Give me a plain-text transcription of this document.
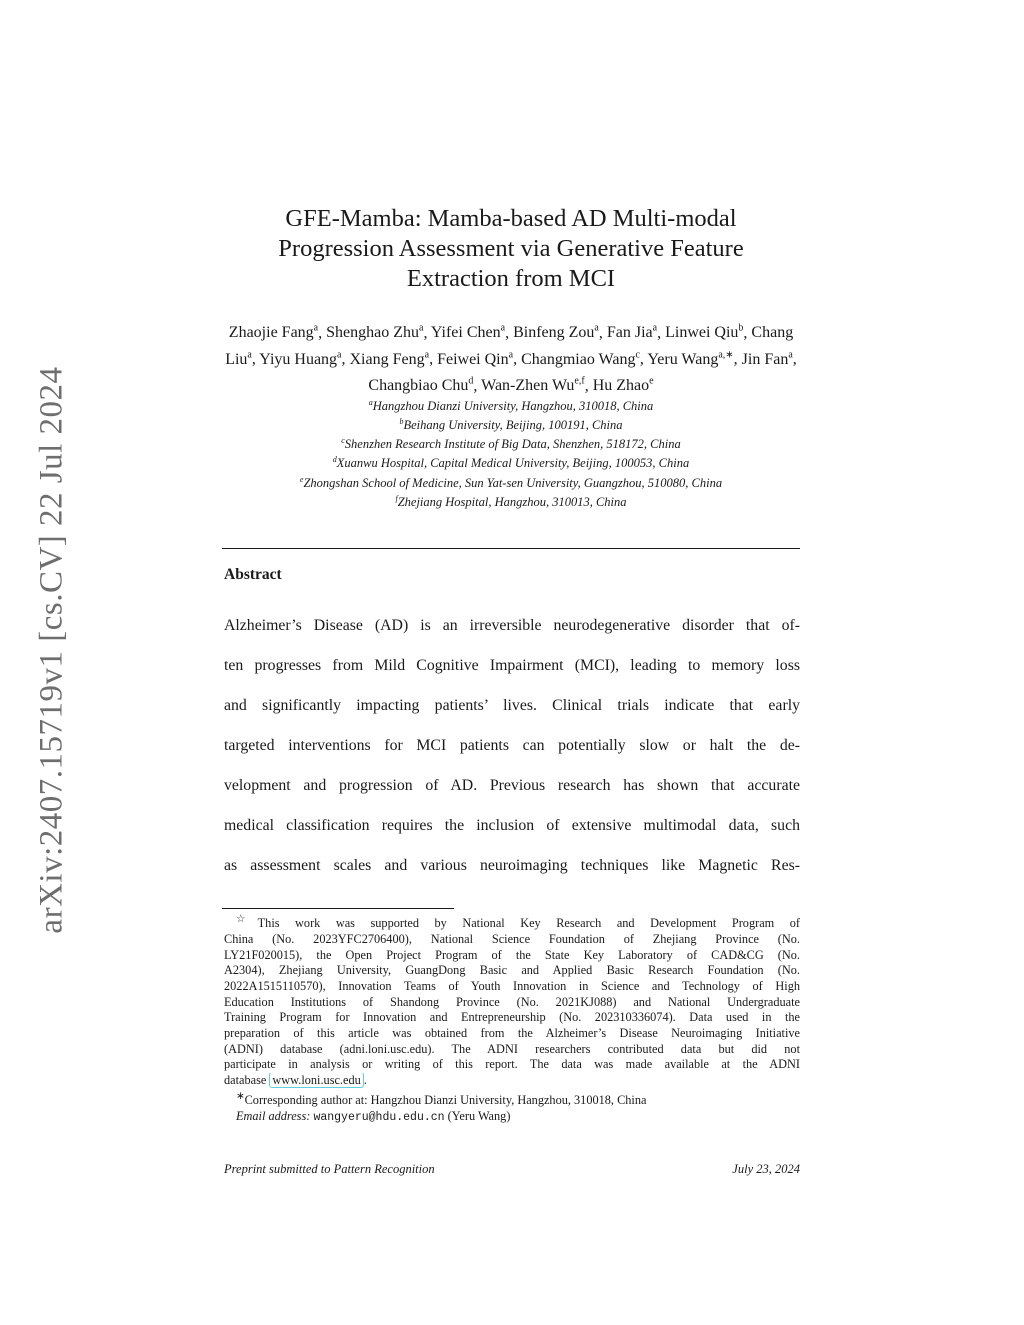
arXiv:2407.15719v1 [cs.CV] 22 Jul 2024
GFE-Mamba: Mamba-based AD Multi-modal
Progression Assessment via Generative Feature
Extraction from MCI
Zhaojie Fang$^a$, Shenghao Zhu$^a$, Yifei Chen$^a$, Binfeng Zou$^a$, Fan Jia$^a$, Linwei Qiu$^b$, Chang Liu$^a$, Yiyu Huang$^a$, Xiang Feng$^a$, Feiwei Qin$^a$, Changmiao Wang$^c$, Yeru Wang$^{a,∗}$, Jin Fan$^a$, Changbiao Chu$^d$, Wan-Zhen Wu$^{e,f}$, Hu Zhao$^e$
$^a$Hangzhou Dianzi University, Hangzhou, 310018, China
$^b$Beihang University, Beijing, 100191, China
$^c$Shenzhen Research Institute of Big Data, Shenzhen, 518172, China
$^d$Xuanwu Hospital, Capital Medical University, Beijing, 100053, China
$^e$Zhongshan School of Medicine, Sun Yat-sen University, Guangzhou, 510080, China
$^f$Zhejiang Hospital, Hangzhou, 310013, China
Abstract
Alzheimer’s Disease (AD) is an irreversible neurodegenerative disorder that of-
ten progresses from Mild Cognitive Impairment (MCI), leading to memory loss
and significantly impacting patients’ lives. Clinical trials indicate that early
targeted interventions for MCI patients can potentially slow or halt the de-
velopment and progression of AD. Previous research has shown that accurate
medical classification requires the inclusion of extensive multimodal data, such
as assessment scales and various neuroimaging techniques like Magnetic Res-
☆This work was supported by National Key Research and Development Program of
China (No. 2023YFC2706400), National Science Foundation of Zhejiang Province (No.
LY21F020015), the Open Project Program of the State Key Laboratory of CAD&CG (No.
A2304), Zhejiang University, GuangDong Basic and Applied Basic Research Foundation (No.
2022A1515110570), Innovation Teams of Youth Innovation in Science and Technology of High
Education Institutions of Shandong Province (No. 2021KJ088) and National Undergraduate
Training Program for Innovation and Entrepreneurship (No. 202310336074). Data used in the
preparation of this article was obtained from the Alzheimer’s Disease Neuroimaging Initiative
(ADNI) database (adni.loni.usc.edu). The ADNI researchers contributed data but did not
participate in analysis or writing of this report. The data was made available at the ADNI
database www.loni.usc.edu .
∗Corresponding author at: Hangzhou Dianzi University, Hangzhou, 310018, China
Email address: wangyeru@hdu.edu.cn (Yeru Wang)
Preprint submitted to Pattern Recognition	July 23, 2024
